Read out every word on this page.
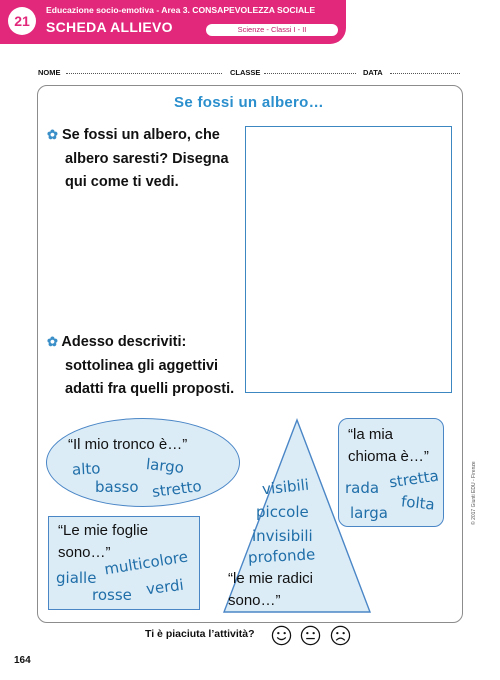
21
Educazione socio-emotiva - Area 3. CONSAPEVOLEZZA SOCIALE
SCHEDA ALLIEVO	Scienze - Classi I - II
NOME	CLASSE	DATA
Se fossi un albero…
✿ Se fossi un albero, che
albero saresti? Disegna
qui come ti vedi.
✿ Adesso descriviti:
sottolinea gli aggettivi
adatti fra quelli proposti.
“Il mio tronco è…”
alto	largo
basso stretto
“Le mie foglie
sono…”
multicolore
gialle	verdi
rosse
visibili
piccole
invisibili
profonde
“le mie radici
sono…”
“la mia
chioma è…”
stretta
rada
folta
larga
Ti è piaciuta l’attività?
164
© 2017 Giunti EDU - Firenze
